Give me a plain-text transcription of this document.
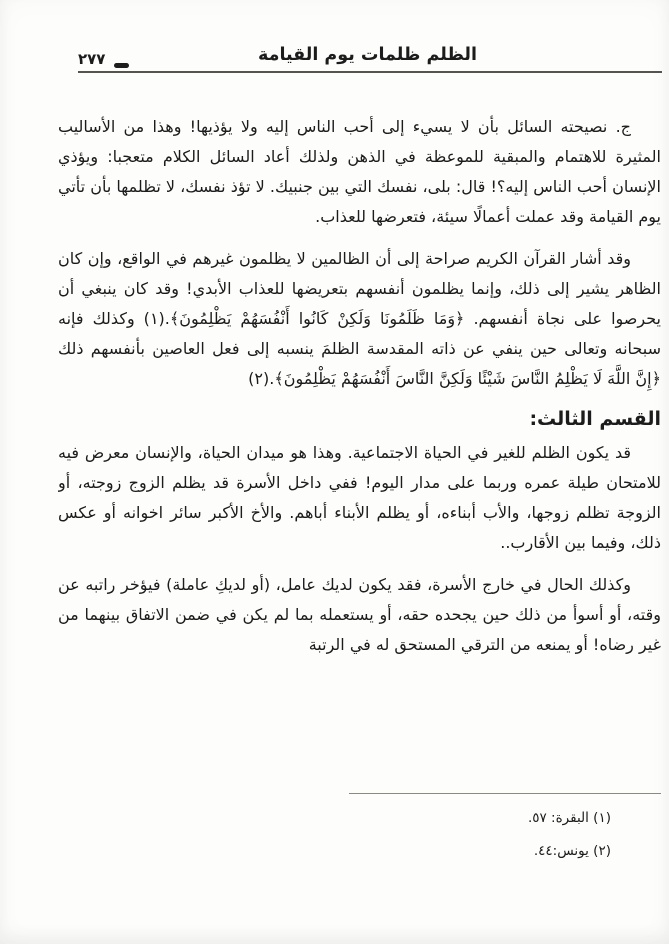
٢٧٧	الظلم ظلمات يوم القيامة

ج. نصيحته السائل بأن لا يسيء إلى أحب الناس إليه ولا يؤذيها! وهذا من الأساليب المثيرة للاهتمام والمبقية للموعظة في الذهن ولذلك أعاد السائل الكلام متعجبا: ويؤذي الإنسان أحب الناس إليه؟! قال: بلى، نفسك التي بين جنبيك. لا تؤذ نفسك، لا تظلمها بأن تأتي يوم القيامة وقد عملت أعمالًا سيئة، فتعرضها للعذاب.

وقد أشار القرآن الكريم صراحة إلى أن الظالمين لا يظلمون غيرهم في الواقع، وإن كان الظاهر يشير إلى ذلك، وإنما يظلمون أنفسهم بتعريضها للعذاب الأبدي! وقد كان ينبغي أن يحرصوا على نجاة أنفسهم. ﴿وَمَا ظَلَمُونَا وَلَكِنْ كَانُوا أَنْفُسَهُمْ يَظْلِمُونَ﴾.(١) وكذلك فإنه سبحانه وتعالى حين ينفي عن ذاته المقدسة الظلمَ ينسبه إلى فعل العاصين بأنفسهم ذلك ﴿إِنَّ اللَّهَ لَا يَظْلِمُ النَّاسَ شَيْئًا وَلَكِنَّ النَّاسَ أَنْفُسَهُمْ يَظْلِمُونَ﴾.(٢)

القسم الثالث:

قد يكون الظلم للغير في الحياة الاجتماعية. وهذا هو ميدان الحياة، والإنسان معرض فيه للامتحان طيلة عمره وربما على مدار اليوم! ففي داخل الأسرة قد يظلم الزوج زوجته، أو الزوجة تظلم زوجها، والأب أبناءه، أو يظلم الأبناء أباهم. والأخ الأكبر سائر اخوانه أو عكس ذلك، وفيما بين الأقارب..

وكذلك الحال في خارج الأسرة، فقد يكون لديك عامل، (أو لديكِ عاملة) فيؤخر راتبه عن وقته، أو أسوأ من ذلك حين يجحده حقه، أو يستعمله بما لم يكن في ضمن الاتفاق بينهما من غير رضاه! أو يمنعه من الترقي المستحق له في الرتبة

(١) البقرة: ٥٧.

(٢) يونس:٤٤.
